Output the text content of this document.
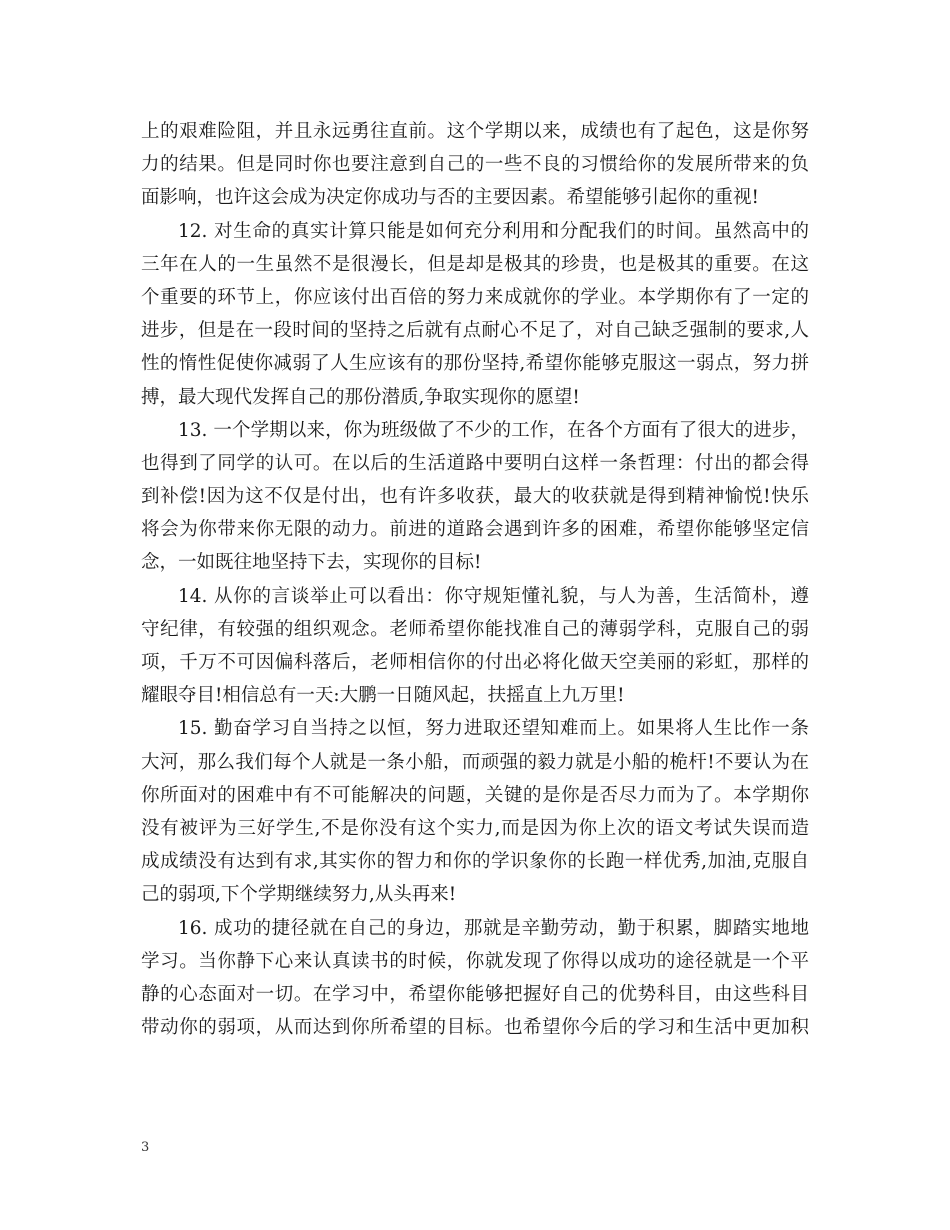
上的艰难险阻，并且永远勇往直前。这个学期以来，成绩也有了起色，这是你努
力的结果。但是同时你也要注意到自己的一些不良的习惯给你的发展所带来的负
面影响，也许这会成为决定你成功与否的主要因素。希望能够引起你的重视!
12. 对生命的真实计算只能是如何充分利用和分配我们的时间。虽然高中的
三年在人的一生虽然不是很漫长，但是却是极其的珍贵，也是极其的重要。在这
个重要的环节上，你应该付出百倍的努力来成就你的学业。本学期你有了一定的
进步，但是在一段时间的坚持之后就有点耐心不足了，对自己缺乏强制的要求,人
性的惰性促使你减弱了人生应该有的那份坚持,希望你能够克服这一弱点，努力拼
搏，最大现代发挥自己的那份潜质,争取实现你的愿望!
13. 一个学期以来，你为班级做了不少的工作，在各个方面有了很大的进步，
也得到了同学的认可。在以后的生活道路中要明白这样一条哲理：付出的都会得
到补偿!因为这不仅是付出，也有许多收获，最大的收获就是得到精神愉悦!快乐
将会为你带来你无限的动力。前进的道路会遇到许多的困难，希望你能够坚定信
念，一如既往地坚持下去，实现你的目标!
14. 从你的言谈举止可以看出：你守规矩懂礼貌，与人为善，生活简朴，遵
守纪律，有较强的组织观念。老师希望你能找准自己的薄弱学科，克服自己的弱
项，千万不可因偏科落后，老师相信你的付出必将化做天空美丽的彩虹，那样的
耀眼夺目!相信总有一天:大鹏一日随风起，扶摇直上九万里!
15. 勤奋学习自当持之以恒，努力进取还望知难而上。如果将人生比作一条
大河，那么我们每个人就是一条小船，而顽强的毅力就是小船的桅杆!不要认为在
你所面对的困难中有不可能解决的问题，关键的是你是否尽力而为了。本学期你
没有被评为三好学生,不是你没有这个实力,而是因为你上次的语文考试失误而造
成成绩没有达到有求,其实你的智力和你的学识象你的长跑一样优秀,加油,克服自
己的弱项,下个学期继续努力,从头再来!
16. 成功的捷径就在自己的身边，那就是辛勤劳动，勤于积累，脚踏实地地
学习。当你静下心来认真读书的时候，你就发现了你得以成功的途径就是一个平
静的心态面对一切。在学习中，希望你能够把握好自己的优势科目，由这些科目
带动你的弱项，从而达到你所希望的目标。也希望你今后的学习和生活中更加积
3
